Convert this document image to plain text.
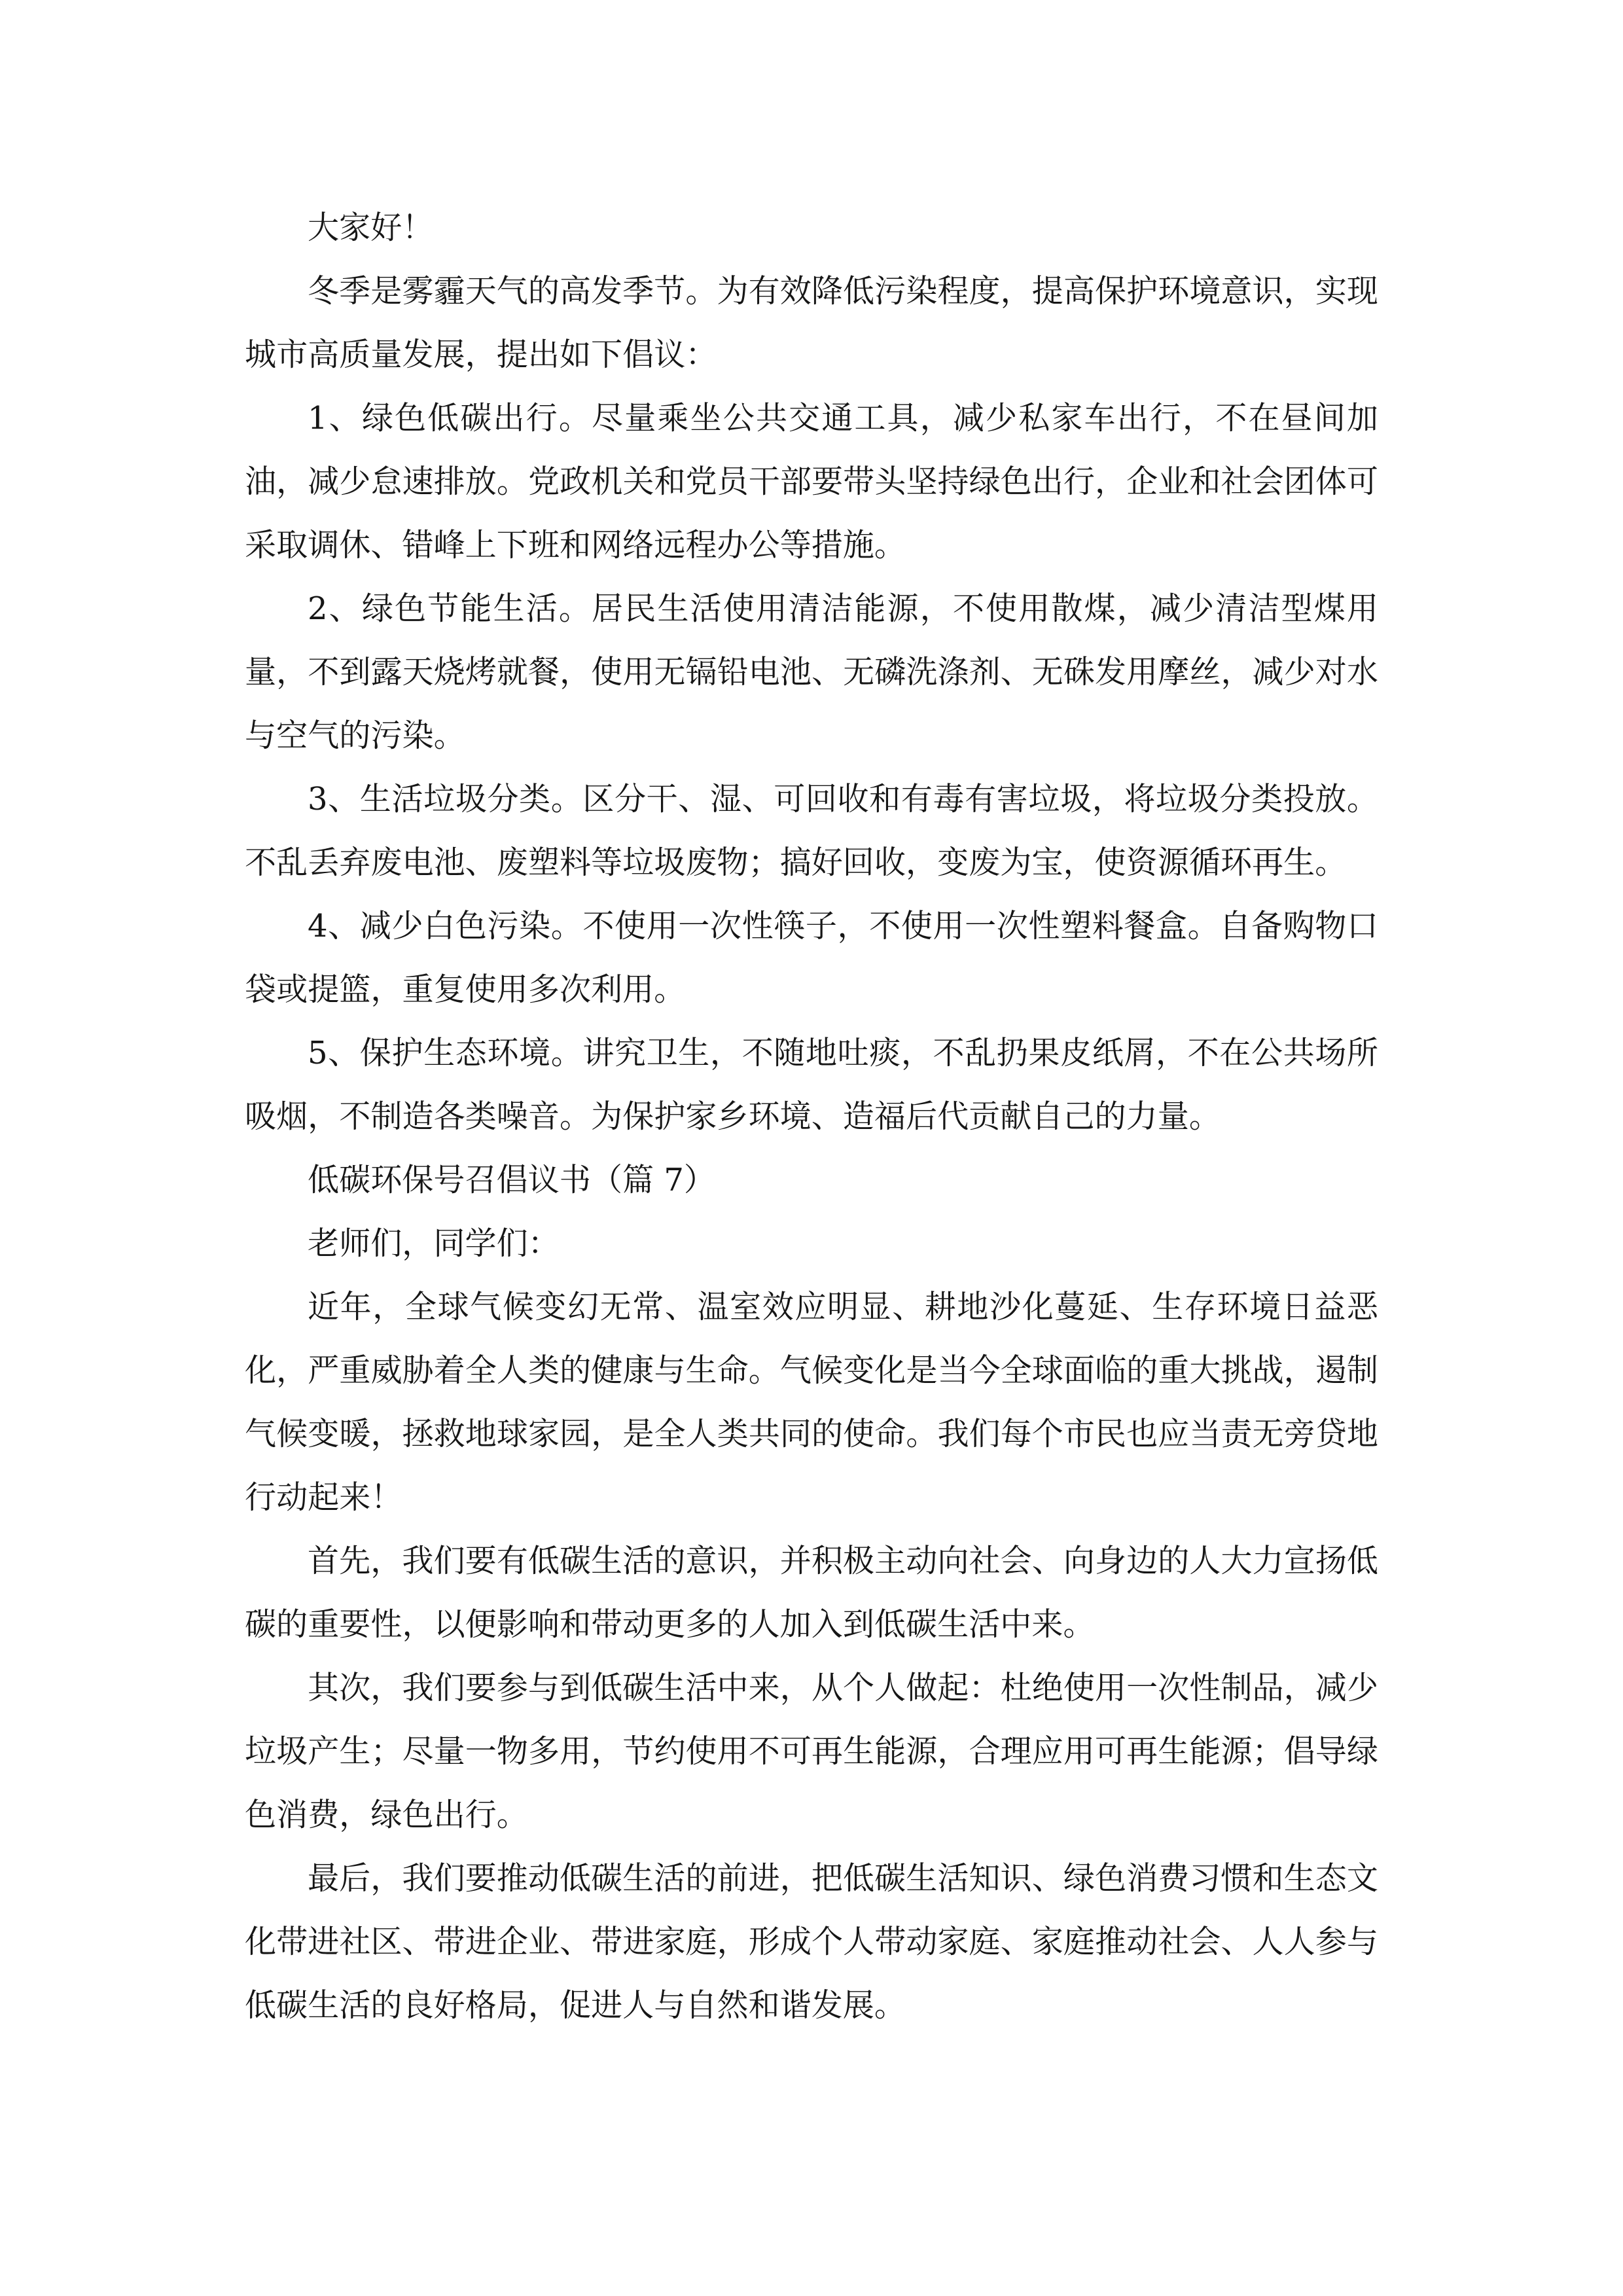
大家好！

冬季是雾霾天气的高发季节。为有效降低污染程度，提高保护环境意识，实现城市高质量发展，提出如下倡议：

1、绿色低碳出行。尽量乘坐公共交通工具，减少私家车出行，不在昼间加油，减少怠速排放。党政机关和党员干部要带头坚持绿色出行，企业和社会团体可采取调休、错峰上下班和网络远程办公等措施。

2、绿色节能生活。居民生活使用清洁能源，不使用散煤，减少清洁型煤用量，不到露天烧烤就餐，使用无镉铅电池、无磷洗涤剂、无硃发用摩丝，减少对水与空气的污染。

3、生活垃圾分类。区分干、湿、可回收和有毒有害垃圾，将垃圾分类投放。不乱丢弃废电池、废塑料等垃圾废物；搞好回收，变废为宝，使资源循环再生。

4、减少白色污染。不使用一次性筷子，不使用一次性塑料餐盒。自备购物口袋或提篮，重复使用多次利用。

5、保护生态环境。讲究卫生，不随地吐痰，不乱扔果皮纸屑，不在公共场所吸烟，不制造各类噪音。为保护家乡环境、造福后代贡献自己的力量。

低碳环保号召倡议书（篇 7）

老师们，同学们：

近年，全球气候变幻无常、温室效应明显、耕地沙化蔓延、生存环境日益恶化，严重威胁着全人类的健康与生命。气候变化是当今全球面临的重大挑战，遏制气候变暖，拯救地球家园，是全人类共同的使命。我们每个市民也应当责无旁贷地行动起来！

首先，我们要有低碳生活的意识，并积极主动向社会、向身边的人大力宣扬低碳的重要性，以便影响和带动更多的人加入到低碳生活中来。

其次，我们要参与到低碳生活中来，从个人做起：杜绝使用一次性制品，减少垃圾产生；尽量一物多用，节约使用不可再生能源，合理应用可再生能源；倡导绿色消费，绿色出行。

最后，我们要推动低碳生活的前进，把低碳生活知识、绿色消费习惯和生态文化带进社区、带进企业、带进家庭，形成个人带动家庭、家庭推动社会、人人参与低碳生活的良好格局，促进人与自然和谐发展。
